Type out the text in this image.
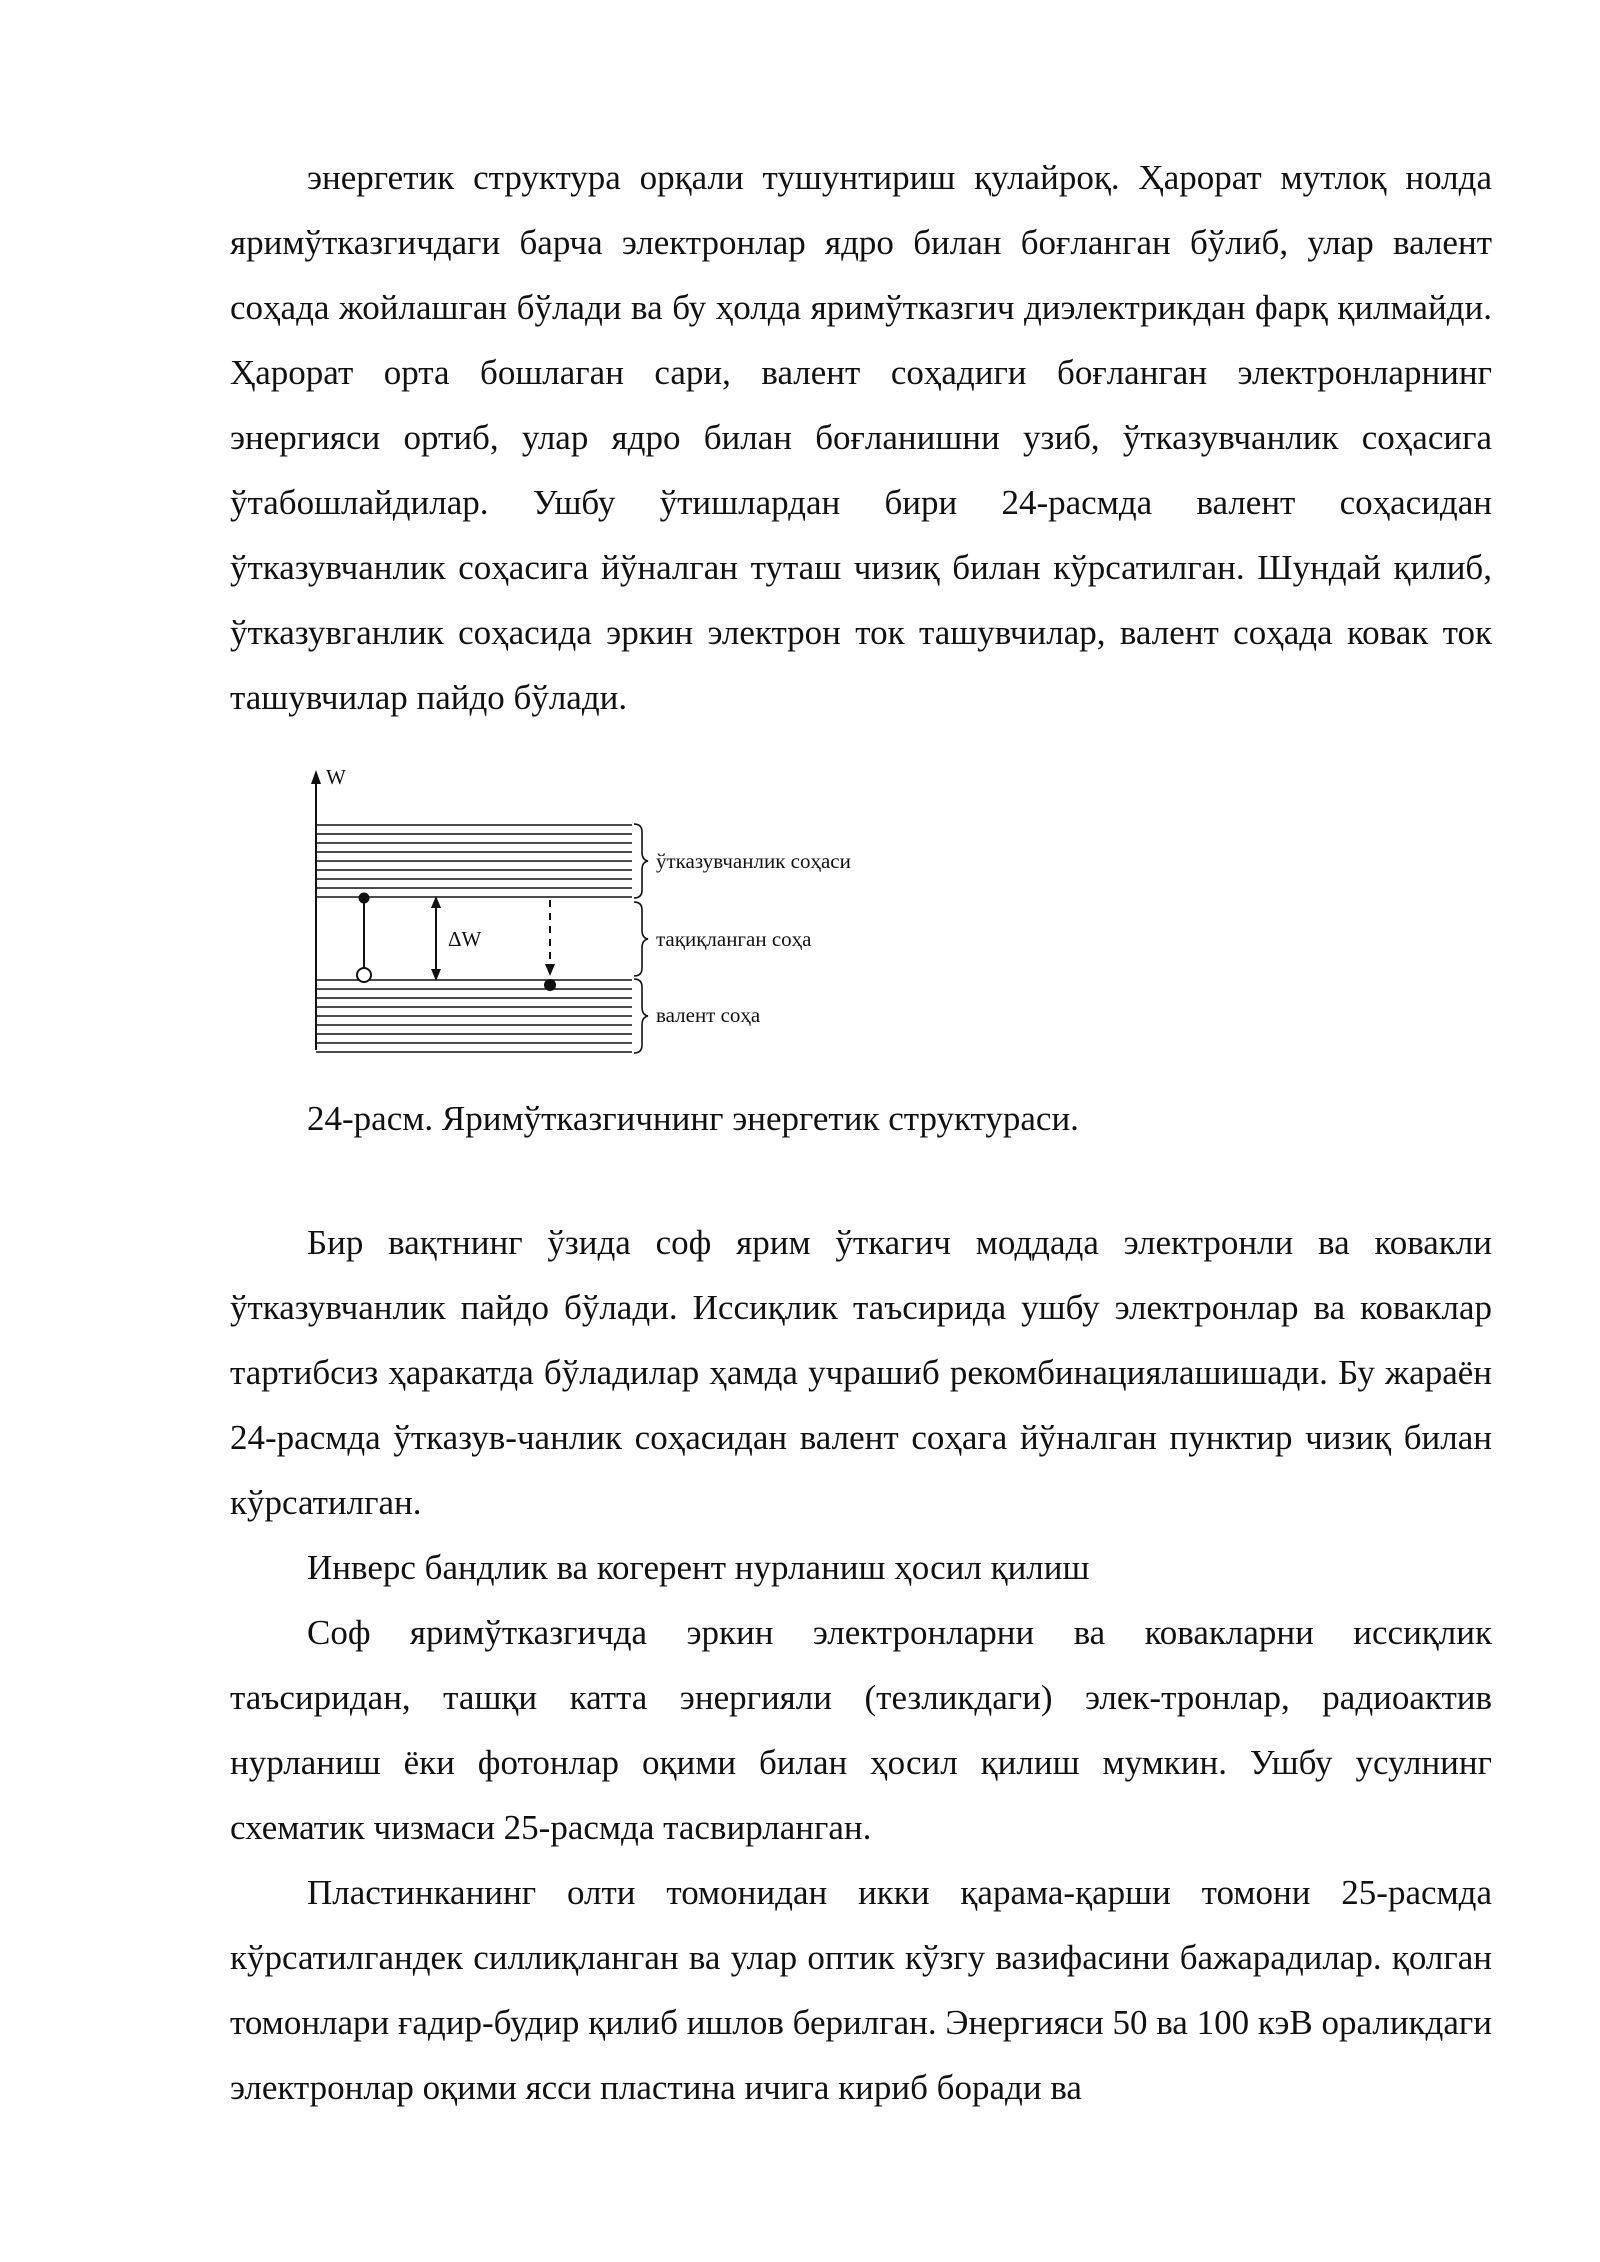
энергетик структура орқали тушунтириш қулайроқ. Ҳарорат мутлоқ нолда яримўтказгичдаги барча электронлар ядро билан боғланган бўлиб, улар валент соҳада жойлашган бўлади ва бу ҳолда яримўтказгич диэлектрикдан фарқ қилмайди. Ҳарорат орта бошлаган сари, валент соҳадиги боғланган электронларнинг энергияси ортиб, улар ядро билан боғланишни узиб, ўтказувчанлик соҳасига ўтабошлайдилар. Ушбу ўтишлардан бири 24-расмда валент соҳасидан ўтказувчанлик соҳасига йўналган туташ чизиқ билан кўрсатилган. Шундай қилиб, ўтказувганлик соҳасида эркин электрон ток ташувчилар, валент соҳада ковак ток ташувчилар пайдо бўлади.

W
ΔW
ўтказувчанлик соҳаси
тақиқланган соҳа
валент соҳа
24-расм. Яримўтказгичнинг энергетик структураси.

Бир вақтнинг ўзида соф ярим ўткагич моддада электронли ва ковакли ўтказувчанлик пайдо бўлади. Иссиқлик таъсирида ушбу электронлар ва коваклар тартибсиз ҳаракатда бўладилар ҳамда учрашиб рекомбинациялашишади. Бу жараён 24-расмда ўтказув-чанлик соҳасидан валент соҳага йўналган пунктир чизиқ билан кўрсатилган.

Инверс бандлик ва когерент нурланиш ҳосил қилиш

Соф яримўтказгичда эркин электронларни ва ковакларни иссиқлик таъсиридан, ташқи катта энергияли (тезликдаги) элек-тронлар, радиоактив нурланиш ёки фотонлар оқими билан ҳосил қилиш мумкин. Ушбу усулнинг схематик чизмаси 25-расмда тасвирланган.

Пластинканинг олти томонидан икки қарама-қарши томони 25-расмда кўрсатилгандек силлиқланган ва улар оптик кўзгу вазифасини бажарадилар. қолган томонлари ғадир-будир қилиб ишлов берилган. Энергияси 50 ва 100 кэВ ораликдаги электронлар оқими ясси пластина ичига кириб боради ва
